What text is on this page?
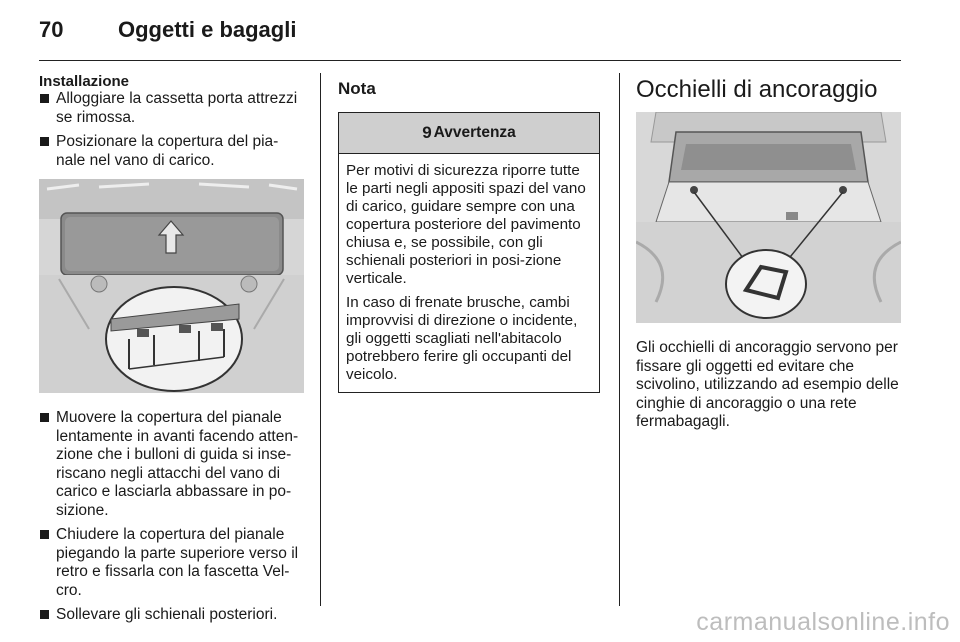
70 Oggetti e bagagli
Installazione
Alloggiare la cassetta porta attrezzi se rimossa.
Posizionare la copertura del pia-nale nel vano di carico.
Muovere la copertura del pianale lentamente in avanti facendo atten-zione che i bulloni di guida si inse-riscano negli attacchi del vano di carico e lasciarla abbassare in po-sizione.
Chiudere la copertura del pianale piegando la parte superiore verso il retro e fissarla con la fascetta Vel-cro.
Sollevare gli schienali posteriori.
Nota
9 Avvertenza

Per motivi di sicurezza riporre tutte le parti negli appositi spazi del vano di carico, guidare sempre con una copertura posteriore del pavimento chiusa e, se possibile, con gli schienali posteriori in posi-zione verticale.

In caso di frenate brusche, cambi improvvisi di direzione o incidente, gli oggetti scagliati nell'abitacolo potrebbero ferire gli occupanti del veicolo.

Occhielli di ancoraggio
Gli occhielli di ancoraggio servono per fissare gli oggetti ed evitare che scivolino, utilizzando ad esempio delle cinghie di ancoraggio o una rete fermabagagli.
carmanualsonline.info
